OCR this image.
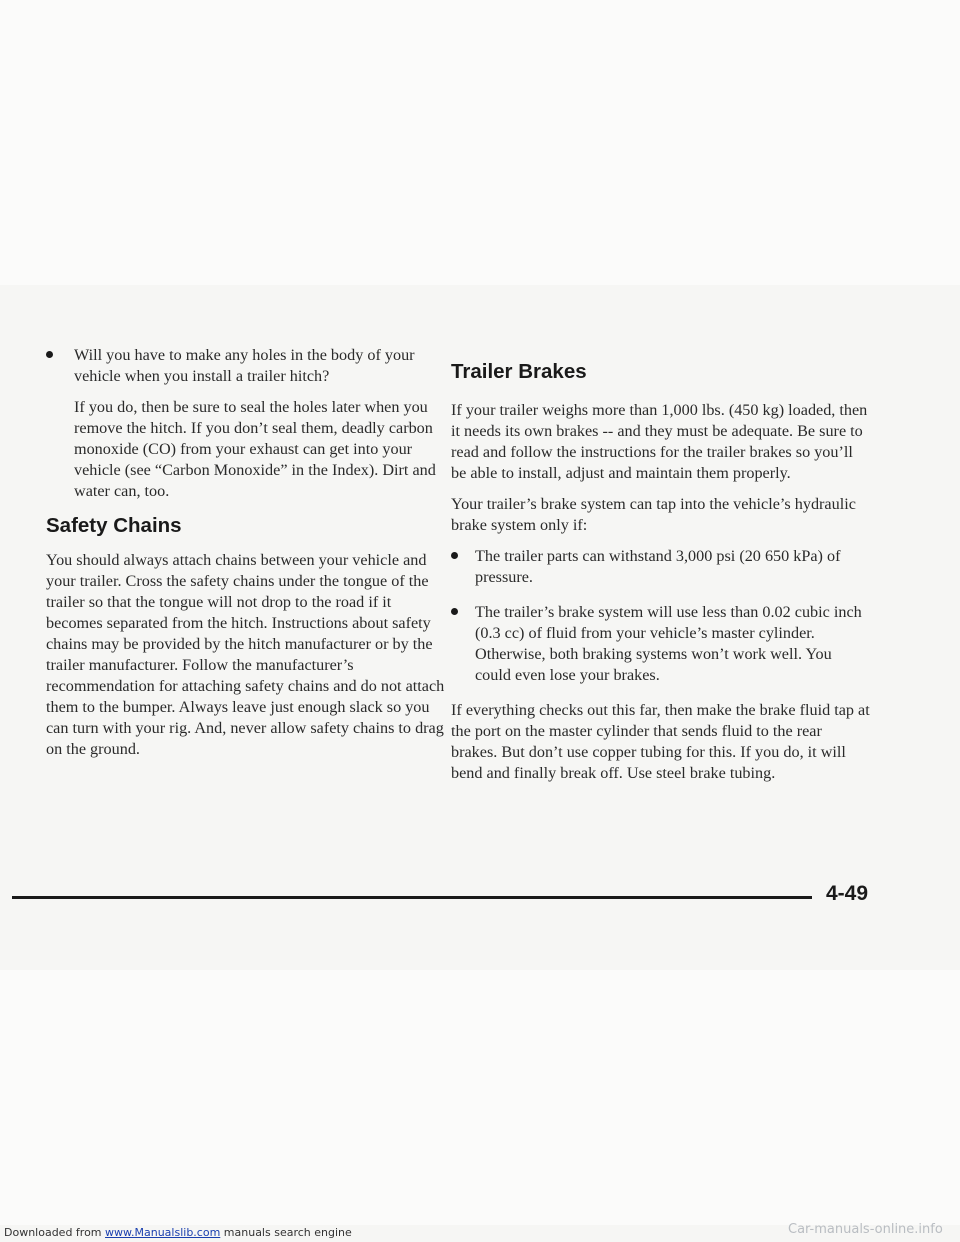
Will you have to make any holes in the body of your vehicle when you install a trailer hitch?

If you do, then be sure to seal the holes later when you remove the hitch. If you don’t seal them, deadly carbon monoxide (CO) from your exhaust can get into your vehicle (see “Carbon Monoxide” in the Index). Dirt and water can, too.

Safety Chains

You should always attach chains between your vehicle and your trailer. Cross the safety chains under the tongue of the trailer so that the tongue will not drop to the road if it becomes separated from the hitch. Instructions about safety chains may be provided by the hitch manufacturer or by the trailer manufacturer. Follow the manufacturer’s recommendation for attaching safety chains and do not attach them to the bumper. Always leave just enough slack so you can turn with your rig. And, never allow safety chains to drag on the ground.

Trailer Brakes

If your trailer weighs more than 1,000 lbs. (450 kg) loaded, then it needs its own brakes -- and they must be adequate. Be sure to read and follow the instructions for the trailer brakes so you’ll be able to install, adjust and maintain them properly.

Your trailer’s brake system can tap into the vehicle’s hydraulic brake system only if:

The trailer parts can withstand 3,000 psi (20 650 kPa) of pressure.
The trailer’s brake system will use less than 0.02 cubic inch (0.3 cc) of fluid from your vehicle’s master cylinder. Otherwise, both braking systems won’t work well. You could even lose your brakes.

If everything checks out this far, then make the brake fluid tap at the port on the master cylinder that sends fluid to the rear brakes. But don’t use copper tubing for this. If you do, it will bend and finally break off. Use steel brake tubing.

4-49
Downloaded from www.Manualslib.com manuals search engine	Car-manuals-online.info
